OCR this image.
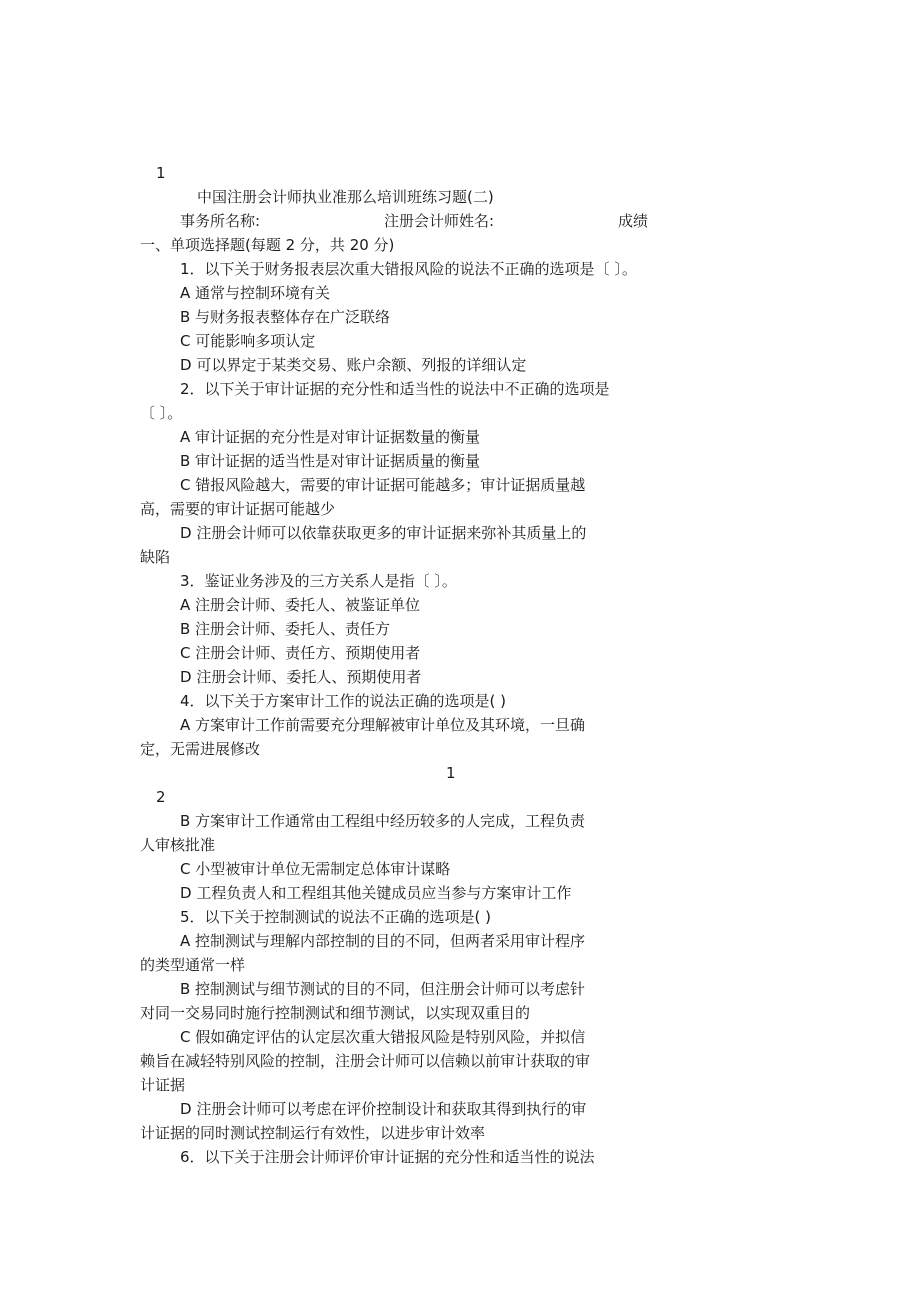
1
中国注册会计师执业准那么培训班练习题(二)
事务所名称:	注册会计师姓名:	成绩
一、单项选择题(每题 2 分，共 20 分)
1．以下关于财务报表层次重大错报风险的说法不正确的选项是〔 〕。
A 通常与控制环境有关
B 与财务报表整体存在广泛联络
C 可能影响多项认定
D 可以界定于某类交易、账户余额、列报的详细认定
2．以下关于审计证据的充分性和适当性的说法中不正确的选项是
〔 〕。
A 审计证据的充分性是对审计证据数量的衡量
B 审计证据的适当性是对审计证据质量的衡量
C 错报风险越大，需要的审计证据可能越多；审计证据质量越
高，需要的审计证据可能越少
D 注册会计师可以依靠获取更多的审计证据来弥补其质量上的
缺陷
3．鉴证业务涉及的三方关系人是指〔 〕。
A 注册会计师、委托人、被鉴证单位
B 注册会计师、委托人、责任方
C 注册会计师、责任方、预期使用者
D 注册会计师、委托人、预期使用者
4．以下关于方案审计工作的说法正确的选项是( )
A 方案审计工作前需要充分理解被审计单位及其环境，一旦确
定，无需进展修改
1
2
B 方案审计工作通常由工程组中经历较多的人完成，工程负责
人审核批准
C 小型被审计单位无需制定总体审计谋略
D 工程负责人和工程组其他关键成员应当参与方案审计工作
5．以下关于控制测试的说法不正确的选项是( )
A 控制测试与理解内部控制的目的不同，但两者采用审计程序
的类型通常一样
B 控制测试与细节测试的目的不同，但注册会计师可以考虑针
对同一交易同时施行控制测试和细节测试，以实现双重目的
C 假如确定评估的认定层次重大错报风险是特别风险，并拟信
赖旨在减轻特别风险的控制，注册会计师可以信赖以前审计获取的审
计证据
D 注册会计师可以考虑在评价控制设计和获取其得到执行的审
计证据的同时测试控制运行有效性，以进步审计效率
6．以下关于注册会计师评价审计证据的充分性和适当性的说法
